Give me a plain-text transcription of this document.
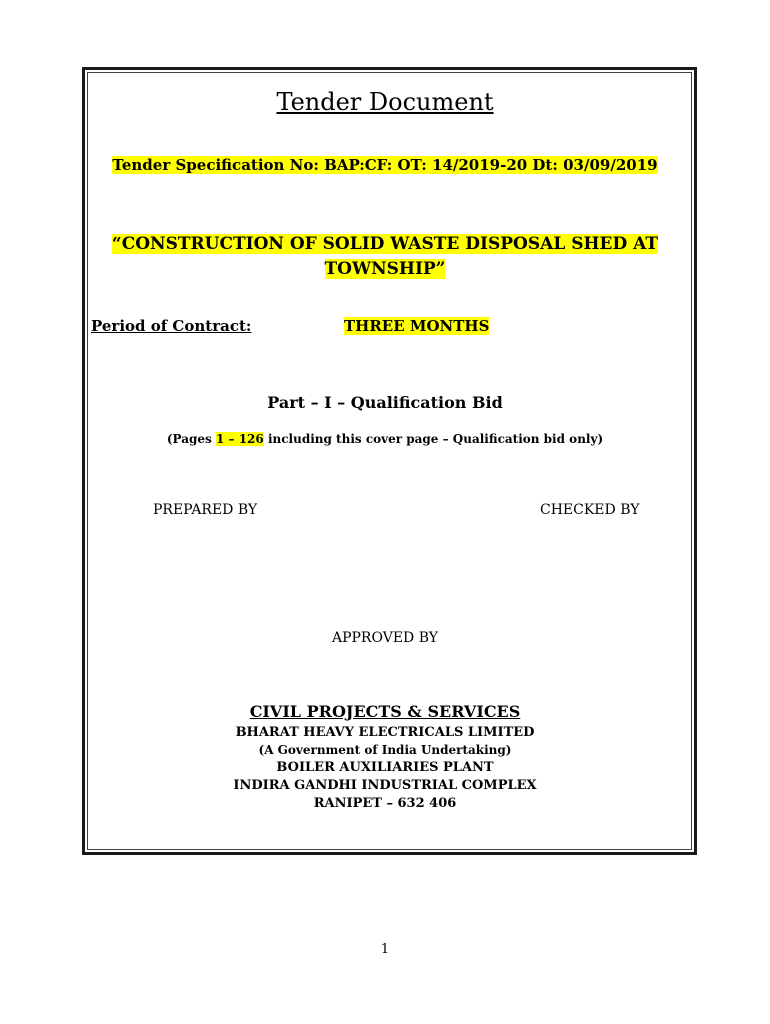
Tender Document
Tender Specification No: BAP:CF: OT: 14/2019-20 Dt: 03/09/2019
“CONSTRUCTION OF SOLID WASTE DISPOSAL SHED AT
TOWNSHIP”
Period of Contract:	THREE MONTHS
Part – I – Qualification Bid
(Pages 1 – 126 including this cover page – Qualification bid only)
PREPARED BY	CHECKED BY
APPROVED BY
CIVIL PROJECTS & SERVICES
BHARAT HEAVY ELECTRICALS LIMITED
(A Government of India Undertaking)
BOILER AUXILIARIES PLANT
INDIRA GANDHI INDUSTRIAL COMPLEX
RANIPET – 632 406
1
